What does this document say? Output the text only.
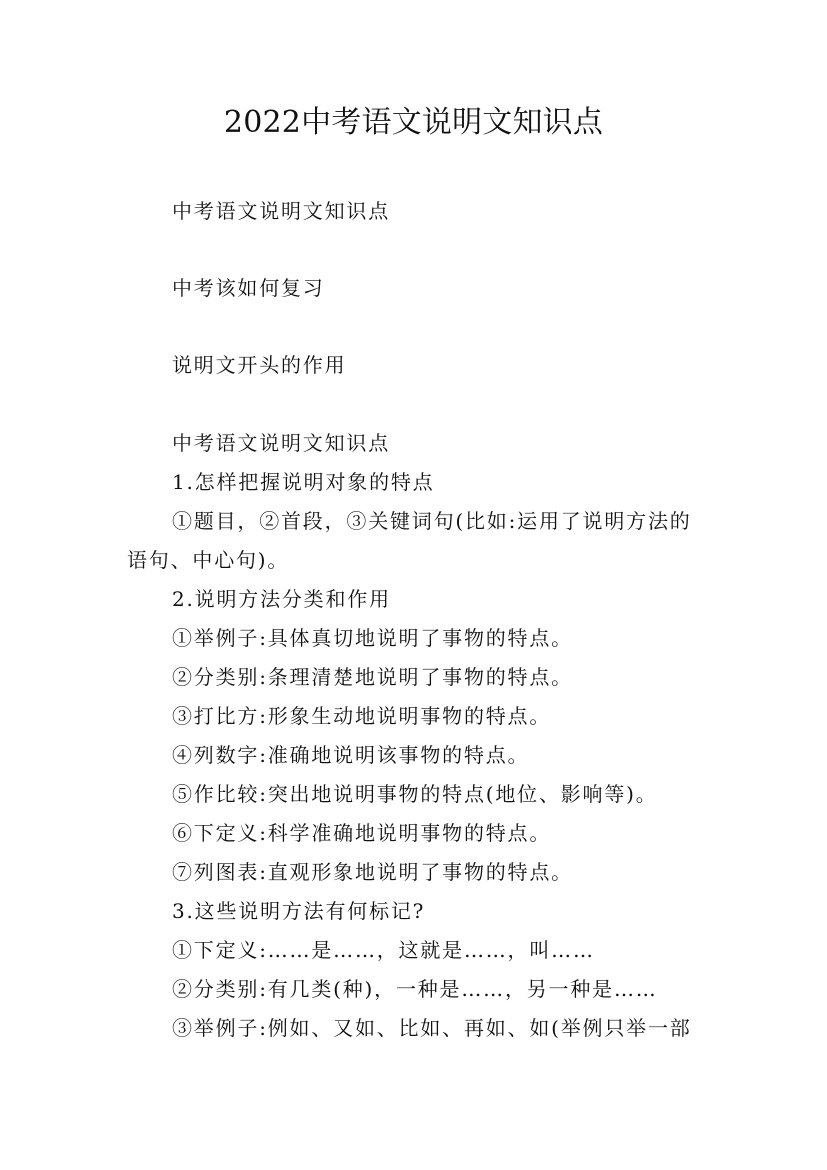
2022中考语文说明文知识点
中考语文说明文知识点
中考该如何复习
说明文开头的作用
中考语文说明文知识点
1.怎样把握说明对象的特点
①题目，②首段，③关键词句(比如:运用了说明方法的
语句、中心句)。
2.说明方法分类和作用
①举例子:具体真切地说明了事物的特点。
②分类别:条理清楚地说明了事物的特点。
③打比方:形象生动地说明事物的特点。
④列数字:准确地说明该事物的特点。
⑤作比较:突出地说明事物的特点(地位、影响等)。
⑥下定义:科学准确地说明事物的特点。
⑦列图表:直观形象地说明了事物的特点。
3.这些说明方法有何标记?
①下定义:……是……，这就是……，叫……
②分类别:有几类(种)，一种是……，另一种是……
③举例子:例如、又如、比如、再如、如(举例只举一部
